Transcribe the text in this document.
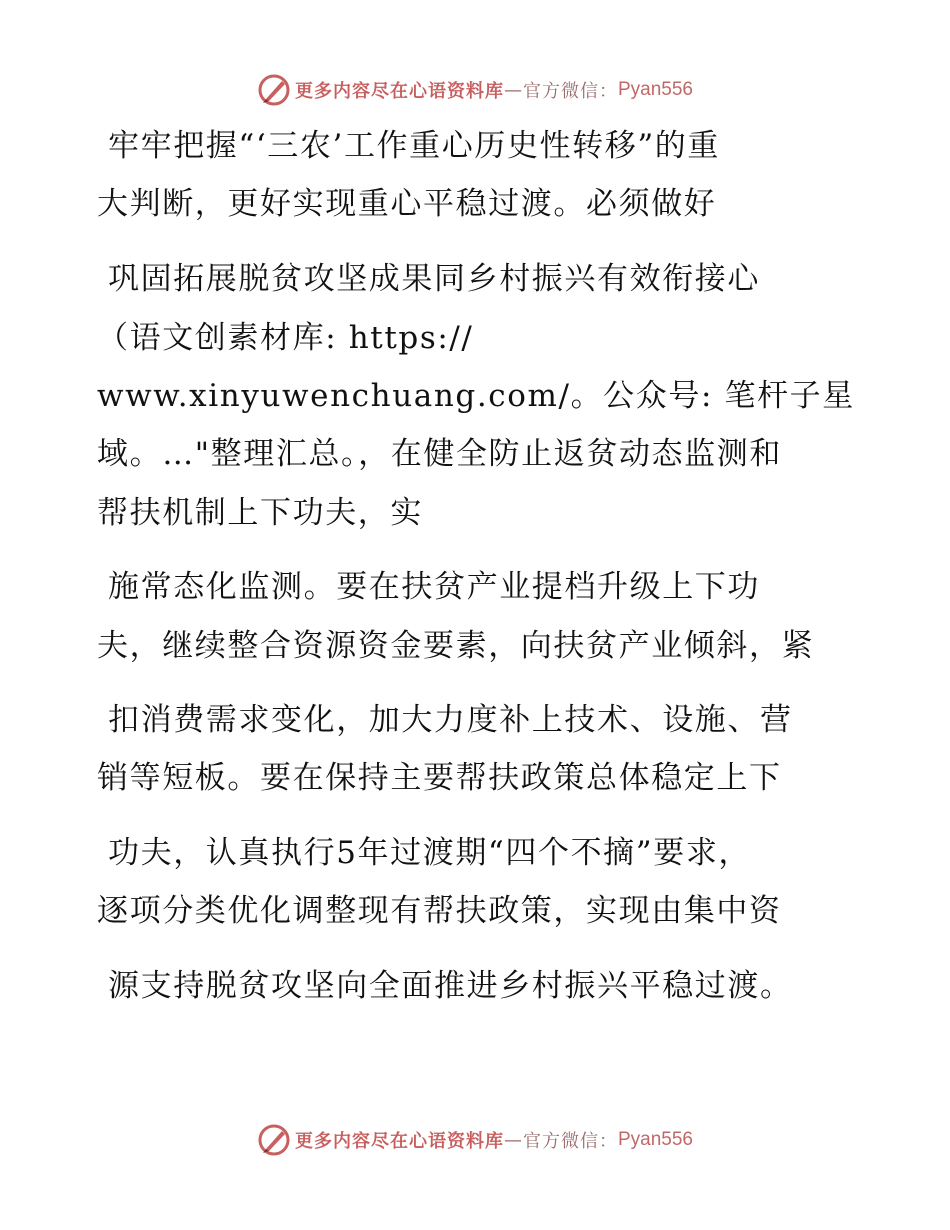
更多内容尽在心语资料库 — 官方微信： Pyan556
牢牢把握“‘三农’工作重心历史性转移”的重
大判断，更好实现重心平稳过渡。必须做好
巩固拓展脱贫攻坚成果同乡村振兴有效衔接心
（语文创素材库: https://
www.xinyuwenchuang.com/。公众号: 笔杆子星
域。…"整理汇总。，在健全防止返贫动态监测和
帮扶机制上下功夫，实
施常态化监测。要在扶贫产业提档升级上下功
夫，继续整合资源资金要素，向扶贫产业倾斜，紧
扣消费需求变化，加大力度补上技术、设施、营
销等短板。要在保持主要帮扶政策总体稳定上下
功夫，认真执行5年过渡期“四个不摘”要求，
逐项分类优化调整现有帮扶政策，实现由集中资
源支持脱贫攻坚向全面推进乡村振兴平稳过渡。
更多内容尽在心语资料库 — 官方微信： Pyan556
